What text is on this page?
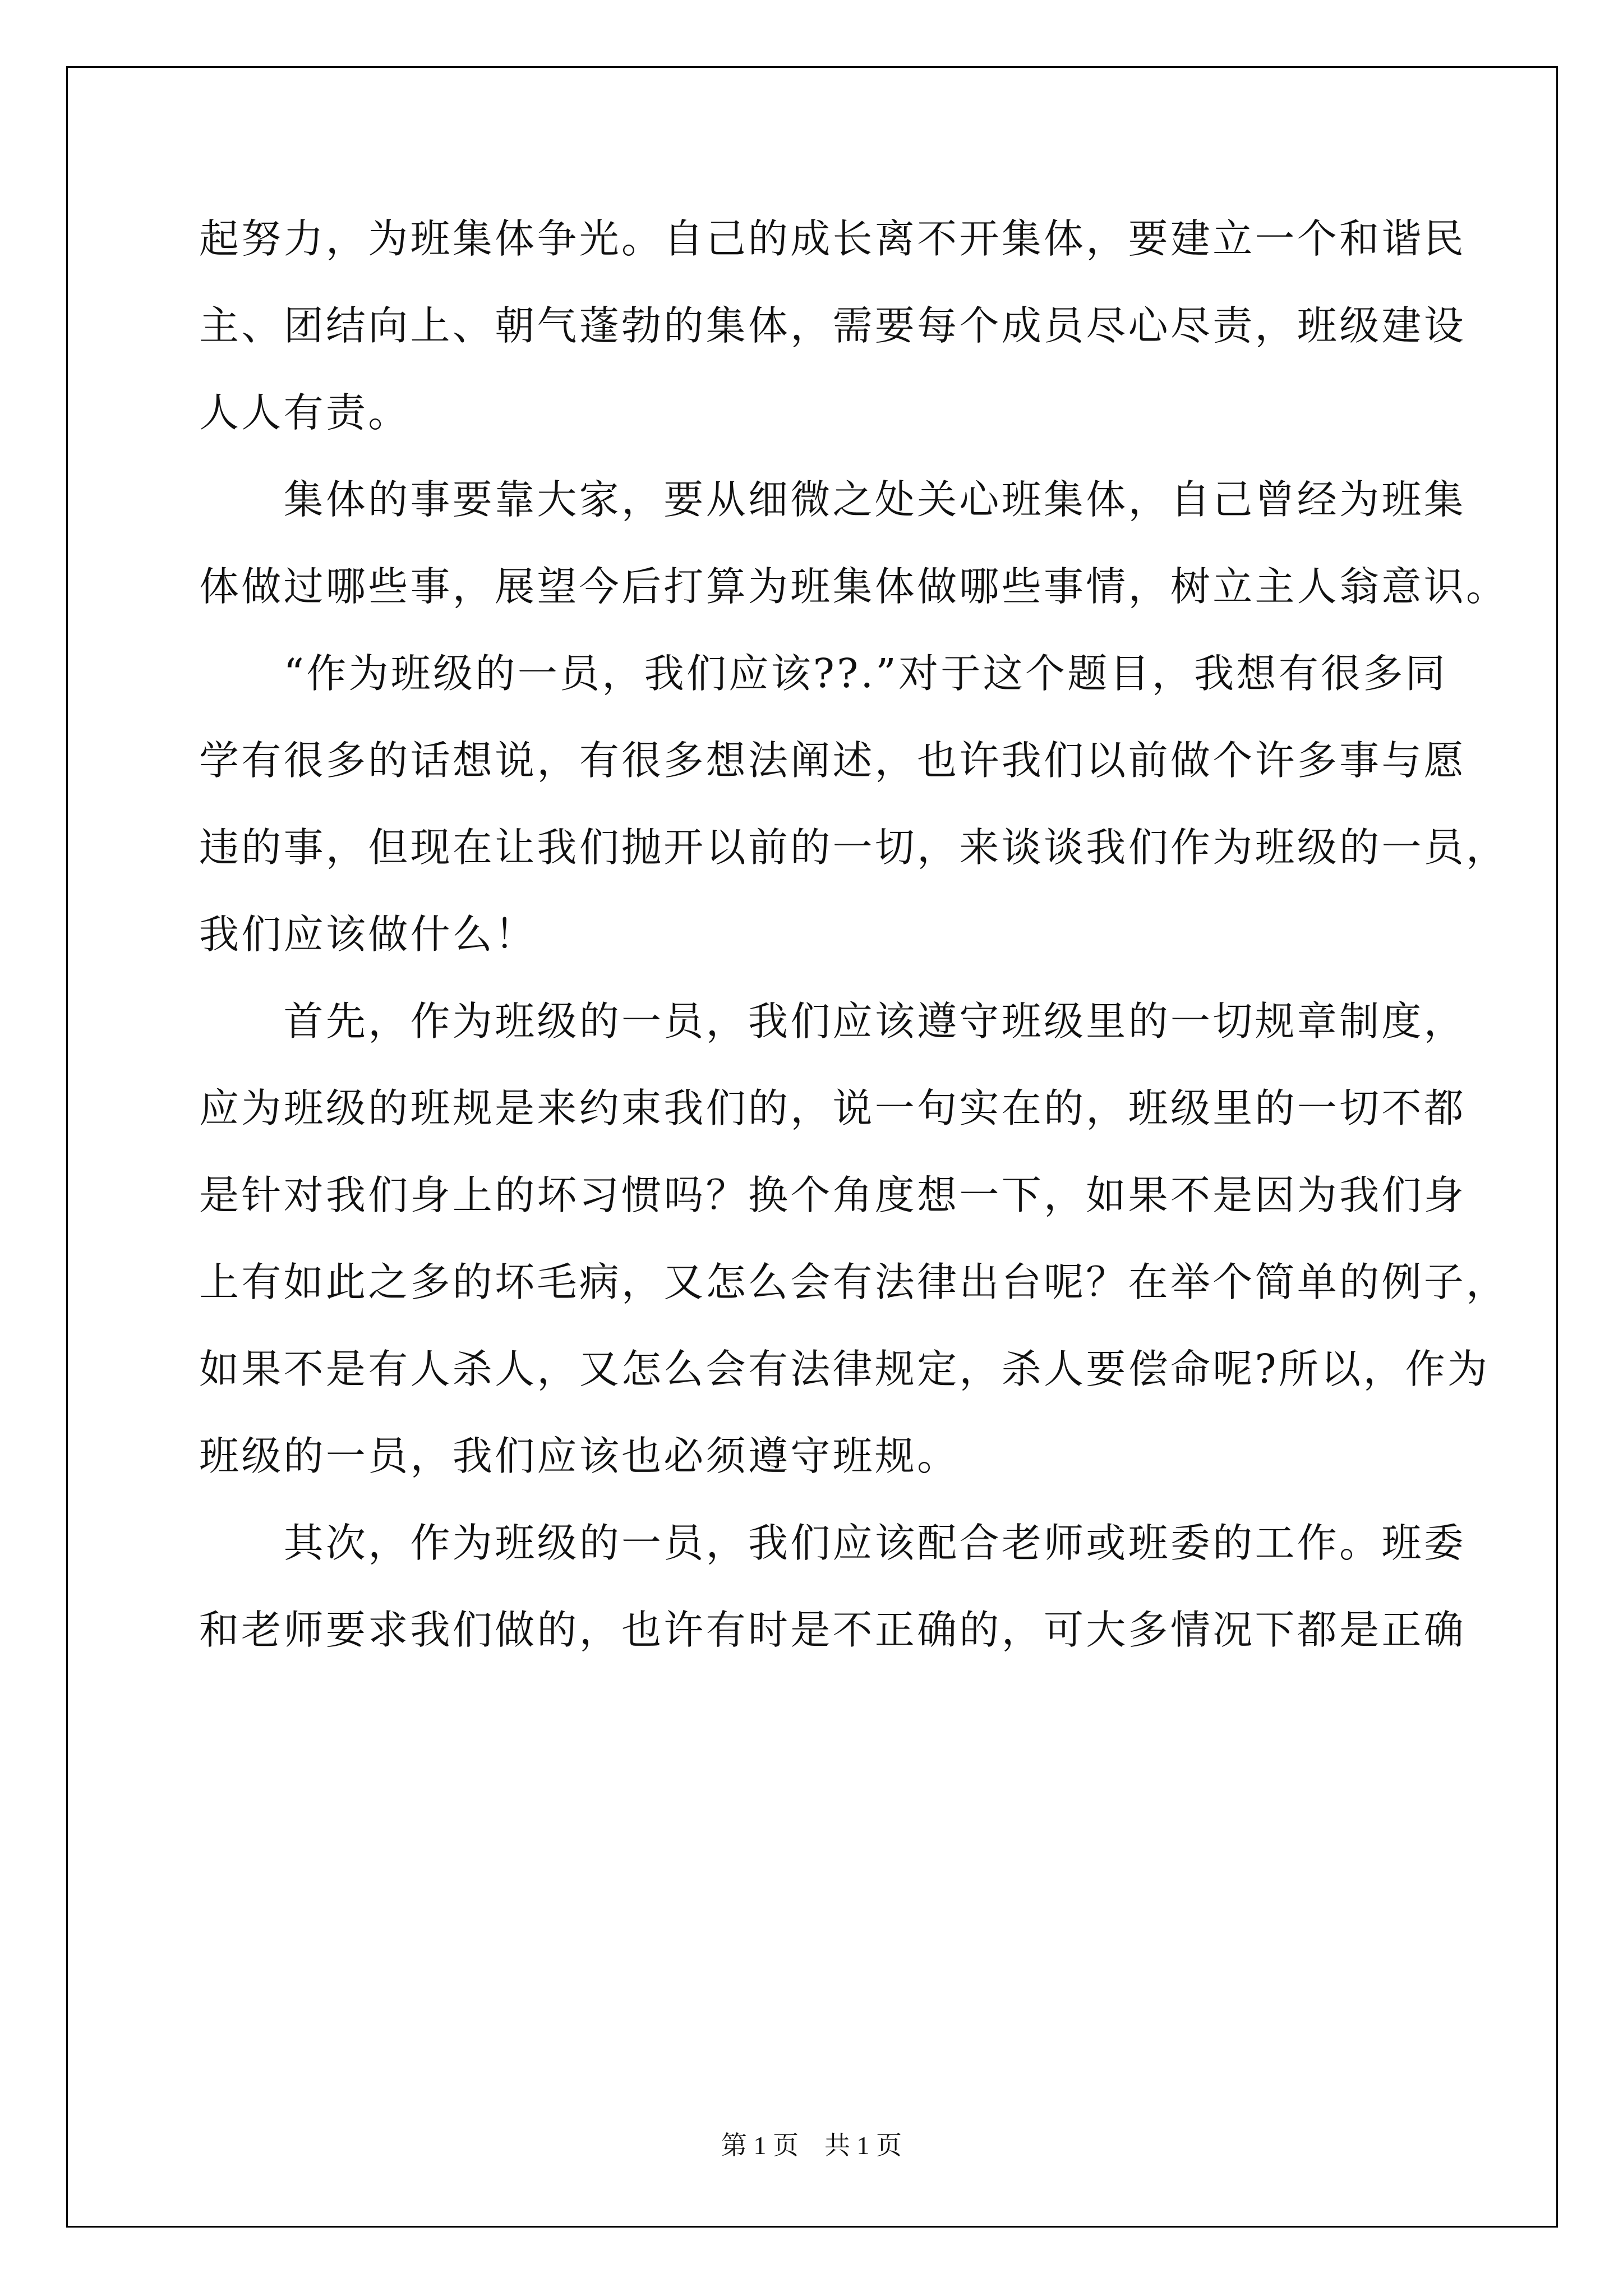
起努力，为班集体争光。自己的成长离不开集体，要建立一个和谐民
主、团结向上、朝气蓬勃的集体，需要每个成员尽心尽责，班级建设
人人有责。
　　集体的事要靠大家，要从细微之处关心班集体，自己曾经为班集
体做过哪些事，展望今后打算为班集体做哪些事情，树立主人翁意识。
　　“作为班级的一员，我们应该??.”对于这个题目，我想有很多同
学有很多的话想说，有很多想法阐述，也许我们以前做个许多事与愿
违的事，但现在让我们抛开以前的一切，来谈谈我们作为班级的一员，
我们应该做什么！
　　首先，作为班级的一员，我们应该遵守班级里的一切规章制度，
应为班级的班规是来约束我们的，说一句实在的，班级里的一切不都
是针对我们身上的坏习惯吗？换个角度想一下，如果不是因为我们身
上有如此之多的坏毛病，又怎么会有法律出台呢？在举个简单的例子，
如果不是有人杀人，又怎么会有法律规定，杀人要偿命呢?所以，作为
班级的一员，我们应该也必须遵守班规。
　　其次，作为班级的一员，我们应该配合老师或班委的工作。班委
和老师要求我们做的，也许有时是不正确的，可大多情况下都是正确
第 1 页　共 1 页
